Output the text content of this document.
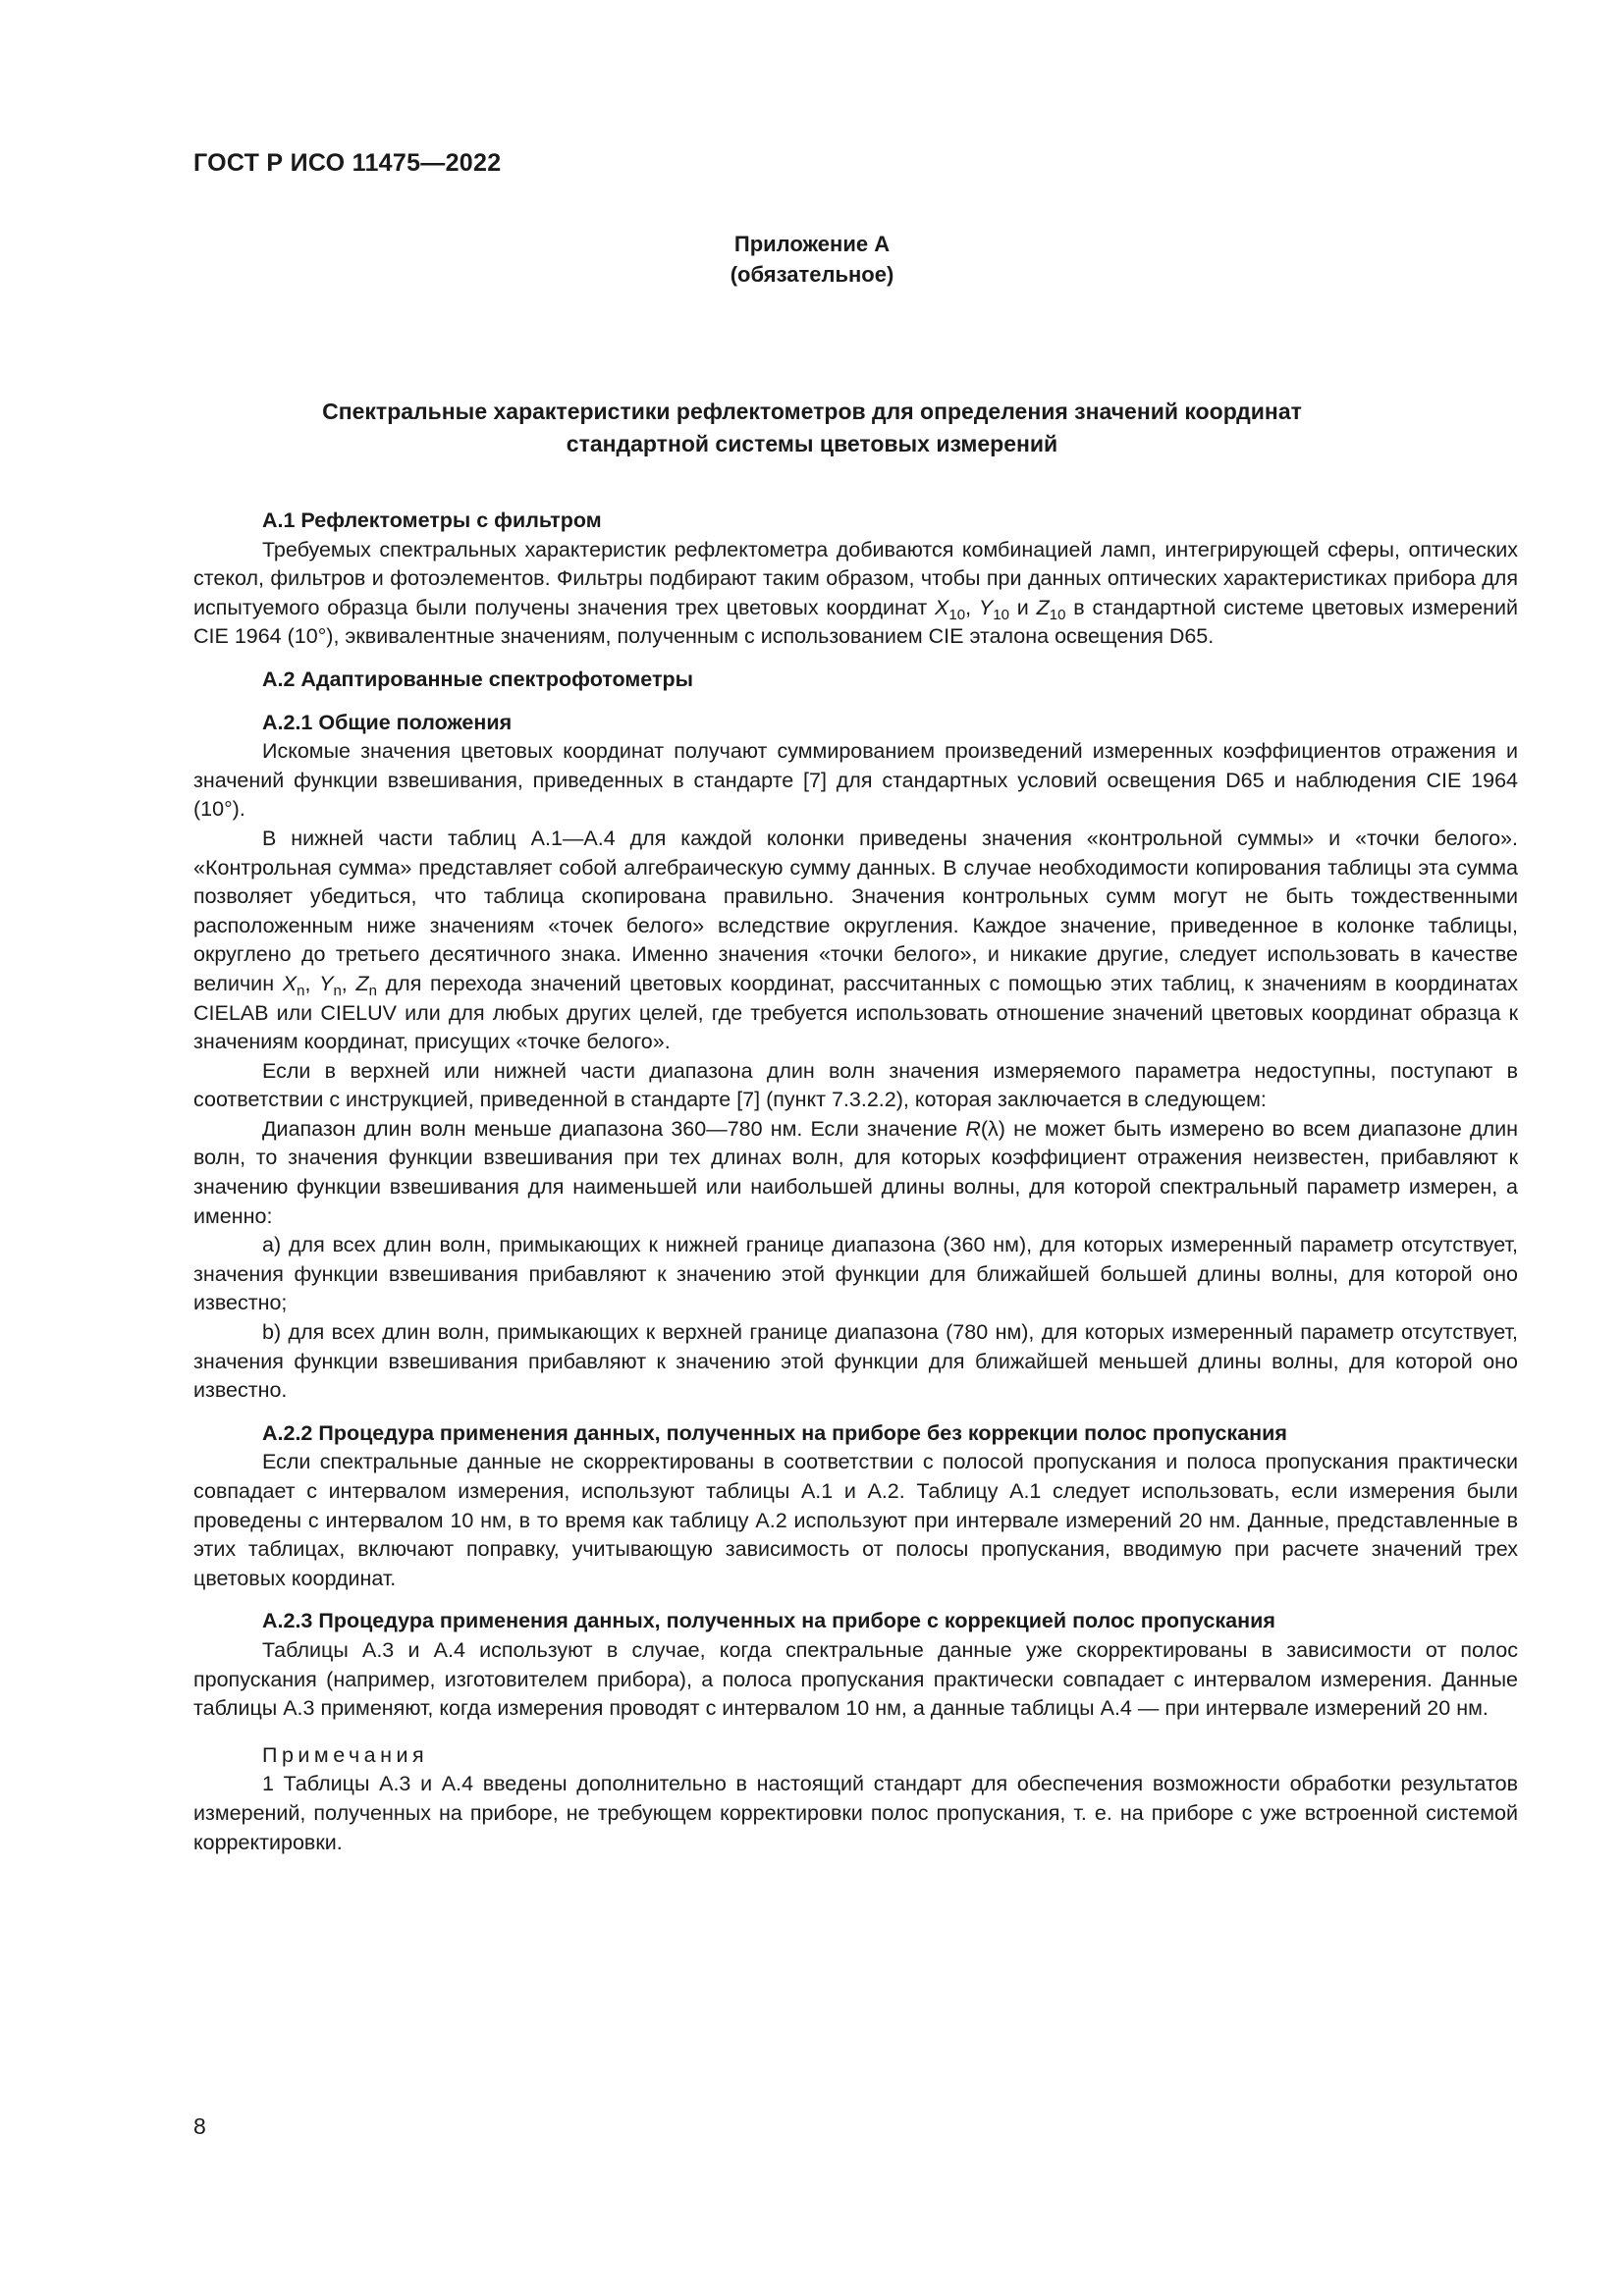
ГОСТ Р ИСО 11475—2022
Приложение А
(обязательное)
Спектральные характеристики рефлектометров для определения значений координат
стандартной системы цветовых измерений

А.1 Рефлектометры с фильтром

Требуемых спектральных характеристик рефлектометра добиваются комбинацией ламп, интегрирующей сферы, оптических стекол, фильтров и фотоэлементов. Фильтры подбирают таким образом, чтобы при данных оптических характеристиках прибора для испытуемого образца были получены значения трех цветовых координат $X_{10}$, $Y_{10}$ и $Z_{10}$ в стандартной системе цветовых измерений CIE 1964 (10°), эквивалентные значениям, полученным с использованием CIE эталона освещения D65.

А.2 Адаптированные спектрофотометры

А.2.1 Общие положения

Искомые значения цветовых координат получают суммированием произведений измеренных коэффициентов отражения и значений функции взвешивания, приведенных в стандарте [7] для стандартных условий освещения D65 и наблюдения CIE 1964 (10°).

В нижней части таблиц А.1—А.4 для каждой колонки приведены значения «контрольной суммы» и «точки белого». «Контрольная сумма» представляет собой алгебраическую сумму данных. В случае необходимости копирования таблицы эта сумма позволяет убедиться, что таблица скопирована правильно. Значения контрольных сумм могут не быть тождественными расположенным ниже значениям «точек белого» вследствие округления. Каждое значение, приведенное в колонке таблицы, округлено до третьего десятичного знака. Именно значения «точки белого», и никакие другие, следует использовать в качестве величин $X_n$, $Y_n$, $Z_n$ для перехода значений цветовых координат, рассчитанных с помощью этих таблиц, к значениям в координатах CIELAB или CIELUV или для любых других целей, где требуется использовать отношение значений цветовых координат образца к значениям координат, присущих «точке белого».

Если в верхней или нижней части диапазона длин волн значения измеряемого параметра недоступны, поступают в соответствии с инструкцией, приведенной в стандарте [7] (пункт 7.3.2.2), которая заключается в следующем:

Диапазон длин волн меньше диапазона 360—780 нм. Если значение R(λ) не может быть измерено во всем диапазоне длин волн, то значения функции взвешивания при тех длинах волн, для которых коэффициент отражения неизвестен, прибавляют к значению функции взвешивания для наименьшей или наибольшей длины волны, для которой спектральный параметр измерен, а именно:

a) для всех длин волн, примыкающих к нижней границе диапазона (360 нм), для которых измеренный параметр отсутствует, значения функции взвешивания прибавляют к значению этой функции для ближайшей большей длины волны, для которой оно известно;

b) для всех длин волн, примыкающих к верхней границе диапазона (780 нм), для которых измеренный параметр отсутствует, значения функции взвешивания прибавляют к значению этой функции для ближайшей меньшей длины волны, для которой оно известно.

А.2.2 Процедура применения данных, полученных на приборе без коррекции полос пропускания

Если спектральные данные не скорректированы в соответствии с полосой пропускания и полоса пропускания практически совпадает с интервалом измерения, используют таблицы А.1 и А.2. Таблицу А.1 следует использовать, если измерения были проведены с интервалом 10 нм, в то время как таблицу А.2 используют при интервале измерений 20 нм. Данные, представленные в этих таблицах, включают поправку, учитывающую зависимость от полосы пропускания, вводимую при расчете значений трех цветовых координат.

А.2.3 Процедура применения данных, полученных на приборе с коррекцией полос пропускания

Таблицы А.3 и А.4 используют в случае, когда спектральные данные уже скорректированы в зависимости от полос пропускания (например, изготовителем прибора), а полоса пропускания практически совпадает с интервалом измерения. Данные таблицы А.3 применяют, когда измерения проводят с интервалом 10 нм, а данные таблицы А.4 — при интервале измерений 20 нм.

Примечания

1 Таблицы А.3 и А.4 введены дополнительно в настоящий стандарт для обеспечения возможности обработки результатов измерений, полученных на приборе, не требующем корректировки полос пропускания, т. е. на приборе с уже встроенной системой корректировки.

8
